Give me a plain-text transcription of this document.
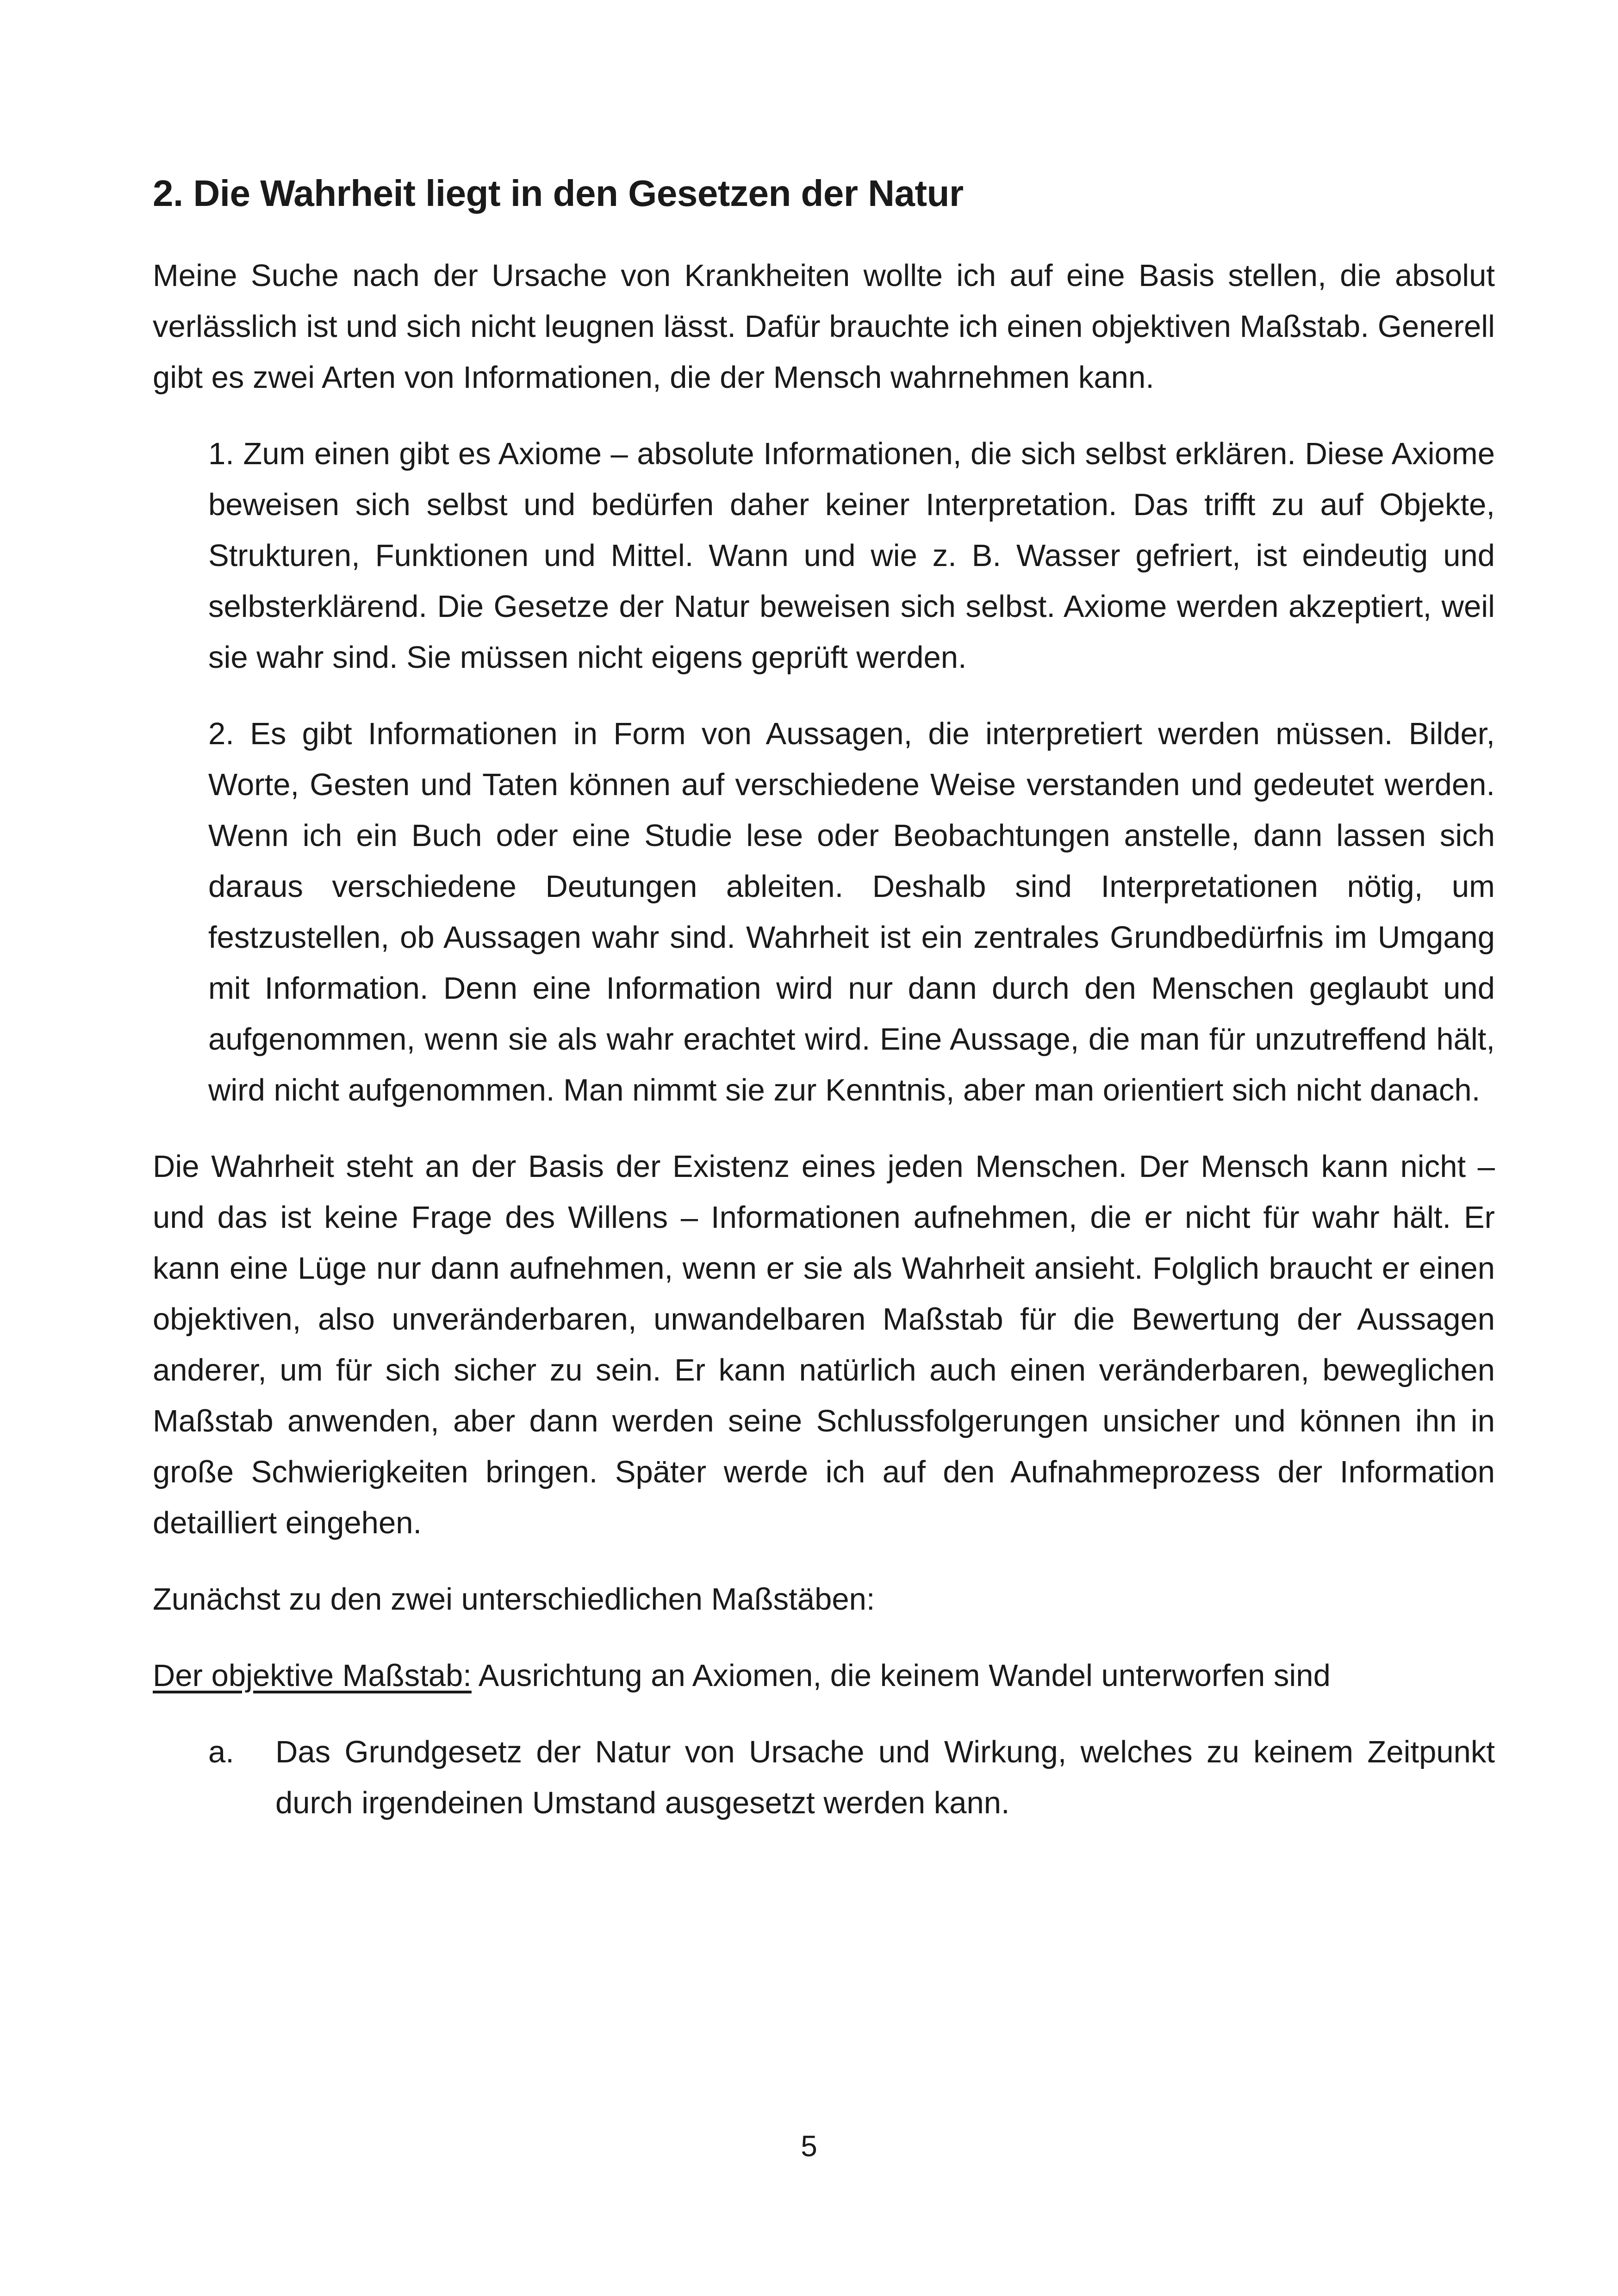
2. Die Wahrheit liegt in den Gesetzen der Natur

Meine Suche nach der Ursache von Krankheiten wollte ich auf eine Basis stellen, die absolut verlässlich ist und sich nicht leugnen lässt. Dafür brauchte ich einen objektiven Maßstab. Generell gibt es zwei Arten von Informationen, die der Mensch wahrnehmen kann.

1. Zum einen gibt es Axiome – absolute Informationen, die sich selbst erklären. Diese Axiome beweisen sich selbst und bedürfen daher keiner Interpretation. Das trifft zu auf Objekte, Strukturen, Funktionen und Mittel. Wann und wie z. B. Wasser gefriert, ist eindeutig und selbsterklärend. Die Gesetze der Natur beweisen sich selbst. Axiome werden akzeptiert, weil sie wahr sind. Sie müssen nicht eigens geprüft werden.

2. Es gibt Informationen in Form von Aussagen, die interpretiert werden müssen. Bilder, Worte, Gesten und Taten können auf verschiedene Weise verstanden und gedeutet werden. Wenn ich ein Buch oder eine Studie lese oder Beobachtungen anstelle, dann lassen sich daraus verschiedene Deutungen ableiten. Deshalb sind Interpretationen nötig, um festzustellen, ob Aussagen wahr sind. Wahrheit ist ein zentrales Grundbedürfnis im Umgang mit Information. Denn eine Information wird nur dann durch den Menschen geglaubt und aufgenommen, wenn sie als wahr erachtet wird. Eine Aussage, die man für unzutreffend hält, wird nicht aufgenommen. Man nimmt sie zur Kenntnis, aber man orientiert sich nicht danach.

Die Wahrheit steht an der Basis der Existenz eines jeden Menschen. Der Mensch kann nicht – und das ist keine Frage des Willens – Informationen aufnehmen, die er nicht für wahr hält. Er kann eine Lüge nur dann aufnehmen, wenn er sie als Wahrheit ansieht. Folglich braucht er einen objektiven, also unveränderbaren, unwandelbaren Maßstab für die Bewertung der Aussagen anderer, um für sich sicher zu sein. Er kann natürlich auch einen veränderbaren, beweglichen Maßstab anwenden, aber dann werden seine Schlussfolgerungen unsicher und können ihn in große Schwierigkeiten bringen. Später werde ich auf den Aufnahmeprozess der Information detailliert eingehen.

Zunächst zu den zwei unterschiedlichen Maßstäben:

Der objektive Maßstab: Ausrichtung an Axiomen, die keinem Wandel unterworfen sind

a. Das Grundgesetz der Natur von Ursache und Wirkung, welches zu keinem Zeitpunkt durch irgendeinen Umstand ausgesetzt werden kann.

5
